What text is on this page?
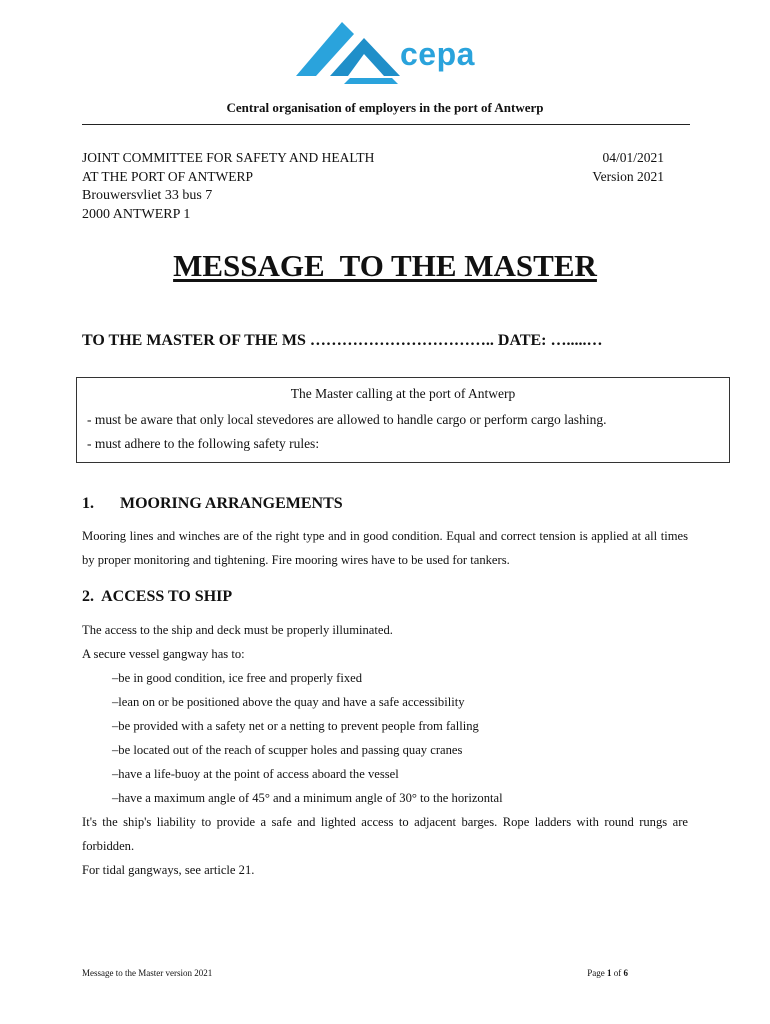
cepa
Central organisation of employers in the port of Antwerp
JOINT COMMITTEE FOR SAFETY AND HEALTH
AT THE PORT OF ANTWERP
Brouwersvliet 33 bus 7
2000 ANTWERP 1
04/01/2021
Version 2021
MESSAGE  TO THE MASTER
TO THE MASTER OF THE MS …………………………….. DATE: ….....…
The Master calling at the port of Antwerp
- must be aware that only local stevedores are allowed to handle cargo or perform cargo lashing.
- must adhere to the following safety rules:
1. MOORING ARRANGEMENTS
Mooring lines and winches are of the right type and in good condition. Equal and correct tension is applied at all times by proper monitoring and tightening. Fire mooring wires have to be used for tankers.
2.  ACCESS TO SHIP
The access to the ship and deck must be properly illuminated.
A secure vessel gangway has to:
–be in good condition, ice free and properly fixed
–lean on or be positioned above the quay and have a safe accessibility
–be provided with a safety net or a netting to prevent people from falling
–be located out of the reach of scupper holes and passing quay cranes
–have a life-buoy at the point of access aboard the vessel
–have a maximum angle of 45° and a minimum angle of 30° to the horizontal
It's the ship's liability to provide a safe and lighted access to adjacent barges. Rope ladders with round rungs are forbidden.
For tidal gangways, see article 21.
Message to the Master version 2021	Page 1 of 6
